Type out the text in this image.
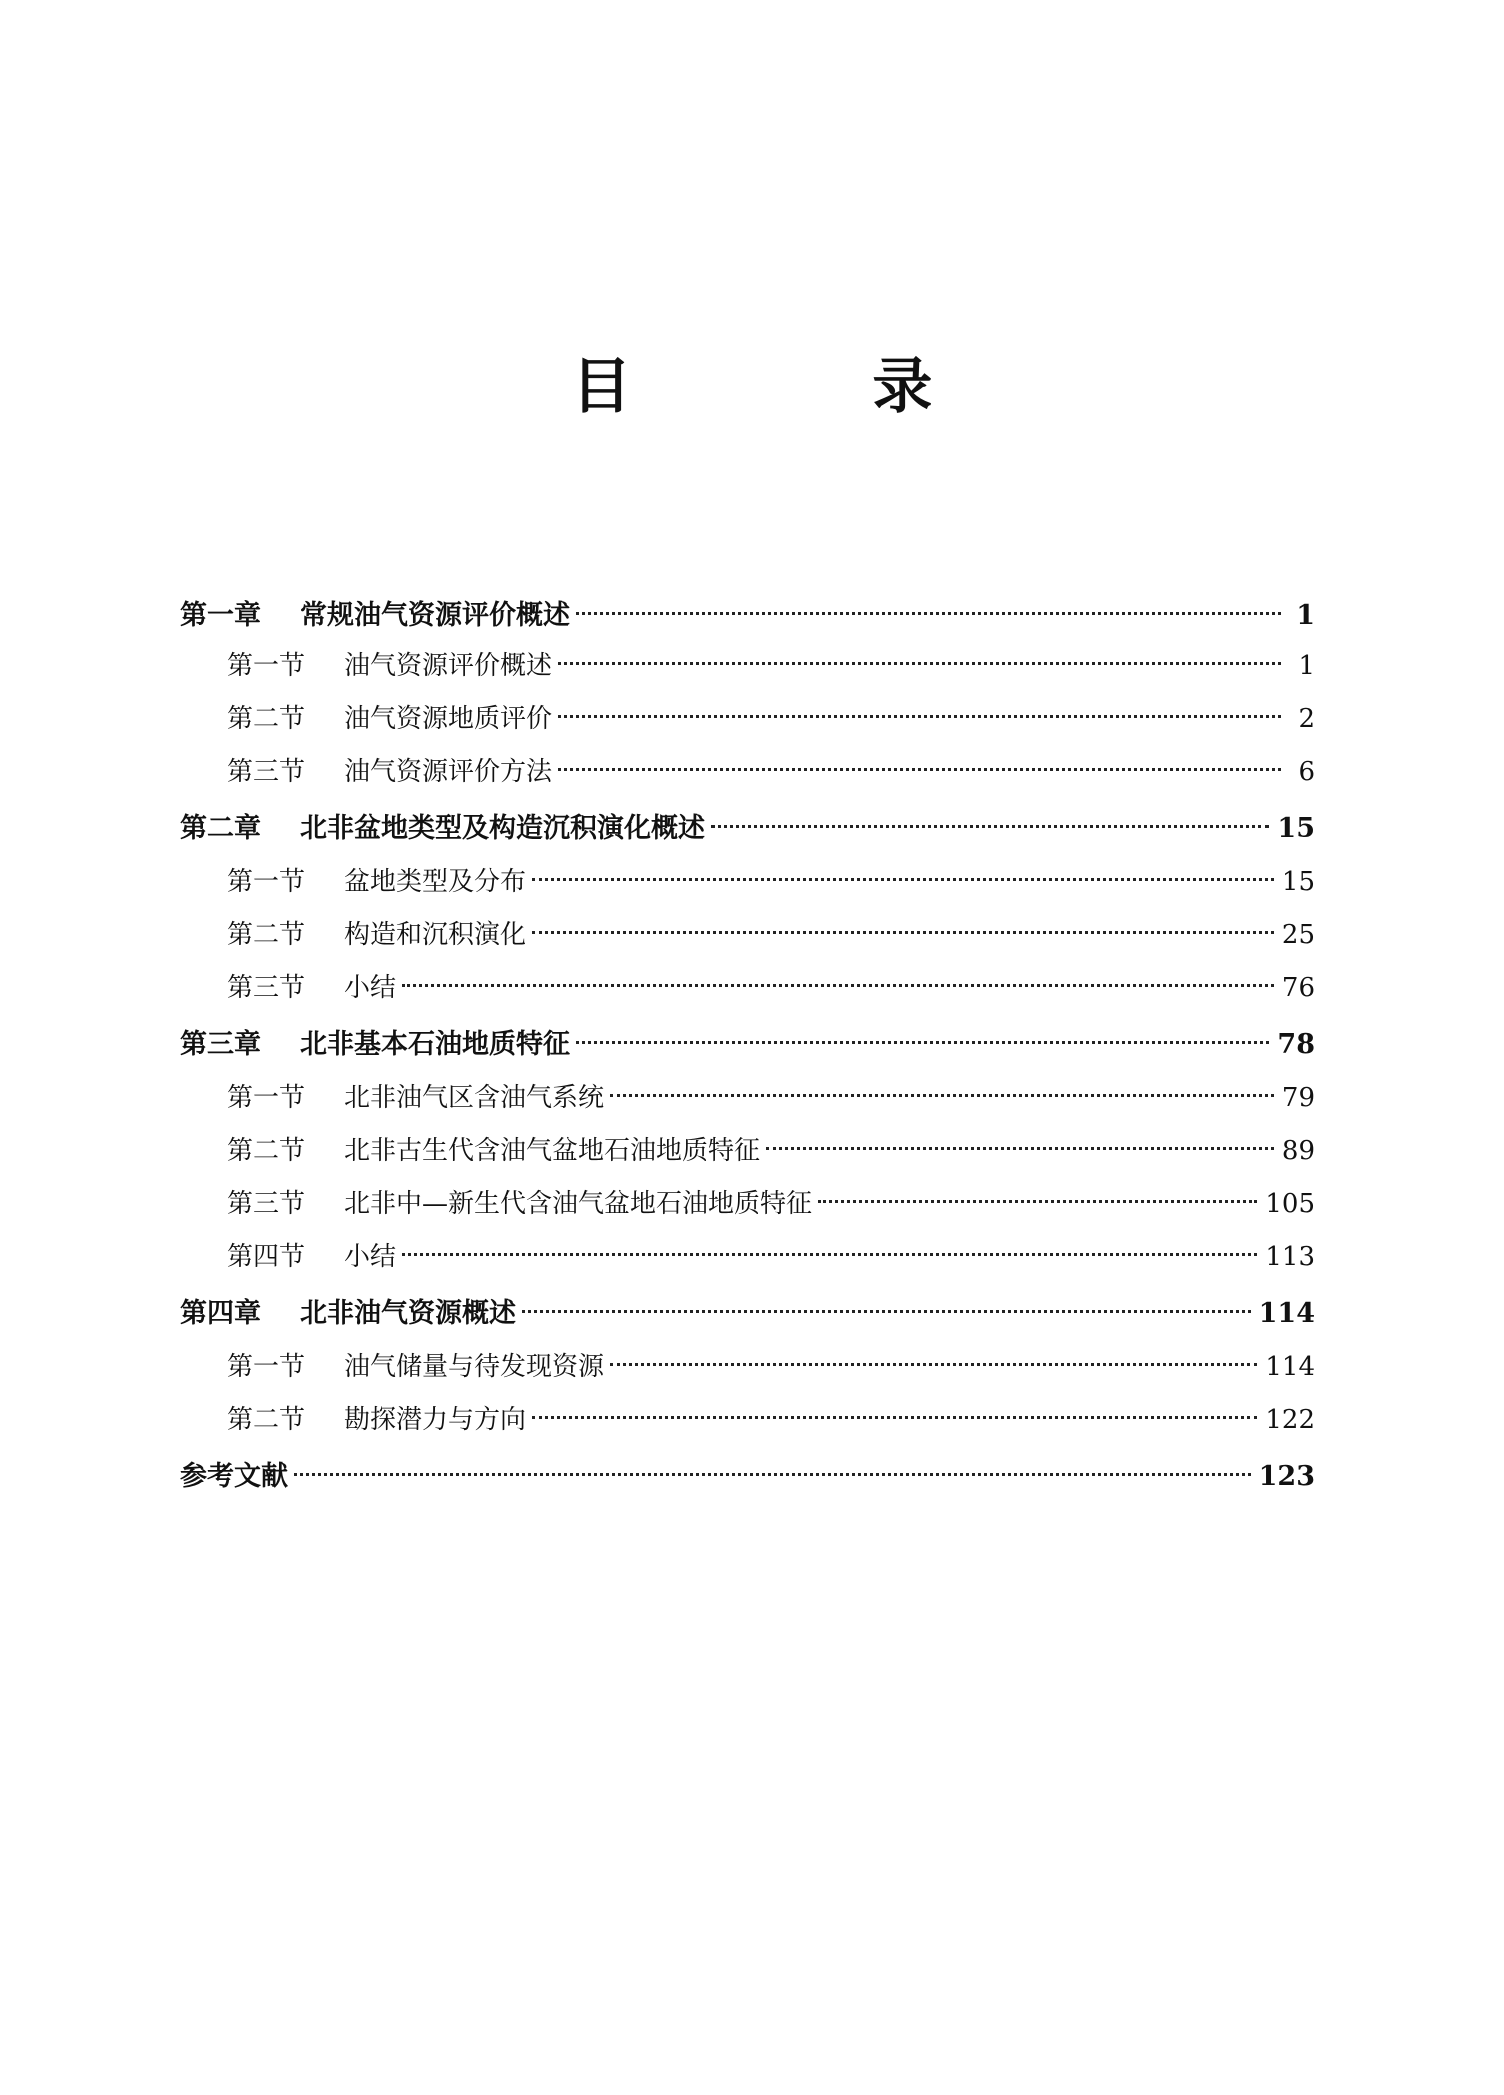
目 录
第一章	常规油气资源评价概述	1
第一节	油气资源评价概述	1
第二节	油气资源地质评价	2
第三节	油气资源评价方法	6
第二章	北非盆地类型及构造沉积演化概述	15
第一节	盆地类型及分布	15
第二节	构造和沉积演化	25
第三节	小结	76
第三章	北非基本石油地质特征	78
第一节	北非油气区含油气系统	79
第二节	北非古生代含油气盆地石油地质特征	89
第三节	北非中—新生代含油气盆地石油地质特征	105
第四节	小结	113
第四章	北非油气资源概述	114
第一节	油气储量与待发现资源	114
第二节	勘探潜力与方向	122
参考文献	123
